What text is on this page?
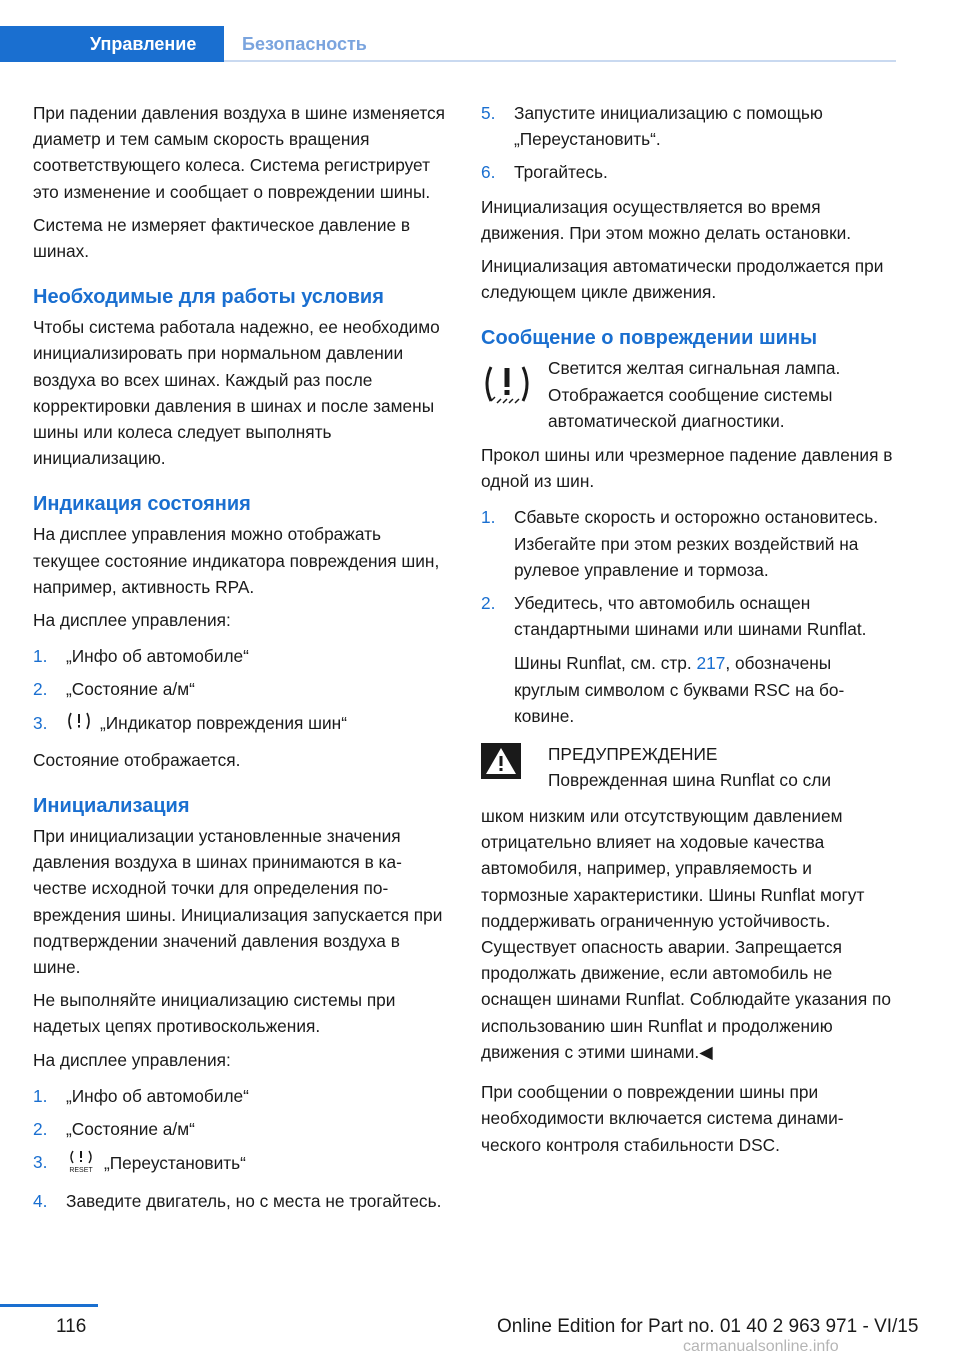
Управление	Безопасность

При падении давления воздуха в шине изменяется диаметр и тем самым скорость вращения соответствующего колеса. Система регистрирует это изменение и сообщает о повреждении шины.

Система не измеряет фактическое давление в шинах.

Необходимые для работы условия

Чтобы система работала надежно, ее необходимо инициализировать при нормальном давлении воздуха во всех шинах. Каждый раз после корректировки давления в шинах и после замены шины или колеса следует выполнять инициализацию.

Индикация состояния

На дисплее управления можно отображать текущее состояние индикатора повреждения шин, например, активность RPA.

На дисплее управления:

1. „Инфо об автомобиле“
2. „Состояние а/м“
3.	„Индикатор повреждения шин“

Состояние отображается.

Инициализация

При инициализации установленные значения давления воздуха в шинах принимаются в качестве исходной точки для определения повреждения шины. Инициализация запускается при подтверждении значений давления воздуха в шине.

Не выполняйте инициализацию системы при надетых цепях противоскольжения.

На дисплее управления:

1. „Инфо об автомобиле“
2. „Состояние а/м“
3.	RESET „Переустановить“
4. Заведите двигатель, но с места не трогайтесь.
5. Запустите инициализацию с помощью „Переустановить“.
6. Трогайтесь.

Инициализация осуществляется во время движения. При этом можно делать остановки.

Инициализация автоматически продолжается при следующем цикле движения.

Сообщение о повреждении шины

Светится желтая сигнальная лампа. Отображается сообщение системы автоматической диагностики.

Прокол шины или чрезмерное падение давления в одной из шин.

1. Сбавьте скорость и осторожно остановитесь. Избегайте при этом резких воздействий на рулевое управление и тормоза.
2. Убедитесь, что автомобиль оснащен стандартными шинами или шинами Runflat.

Шины Runflat, см. стр. 217, обозначены круглым символом с буквами RSC на боковине.

ПРЕДУПРЕЖДЕНИЕ
Поврежденная шина Runflat со сли

шком низким или отсутствующим давлением отрицательно влияет на ходовые качества автомобиля, например, управляемость и тормозные характеристики. Шины Runflat могут поддерживать ограниченную устойчивость. Существует опасность аварии. Запрещается продолжать движение, если автомобиль не оснащен шинами Runflat. Соблюдайте указания по использованию шин Runflat и продолжению движения с этими шинами.◀

При сообщении о повреждении шины при необходимости включается система динамического контроля стабильности DSC.

116	Online Edition for Part no. 01 40 2 963 971 - VI/15
carmanualsonline.info
